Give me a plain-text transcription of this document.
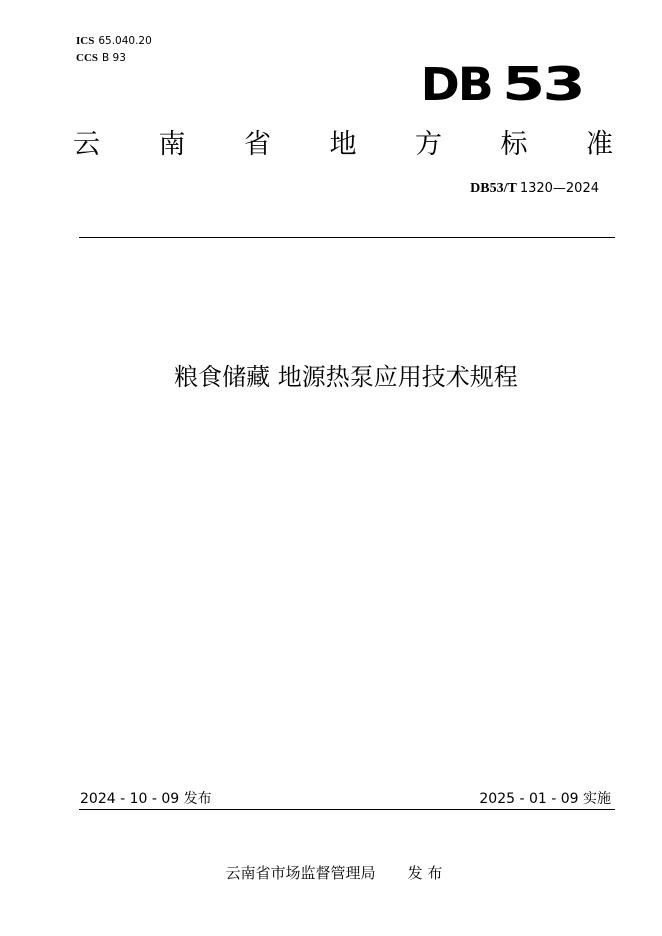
ICS 65.040.20
CCS B 93	DB 53
云 南 省 地 方 标 准
DB53/T 1320—2024
粮食储藏 地源热泵应用技术规程
2024 - 10 - 09 发布	2025 - 01 - 09 实施

云南省市场监督管理局 发 布
